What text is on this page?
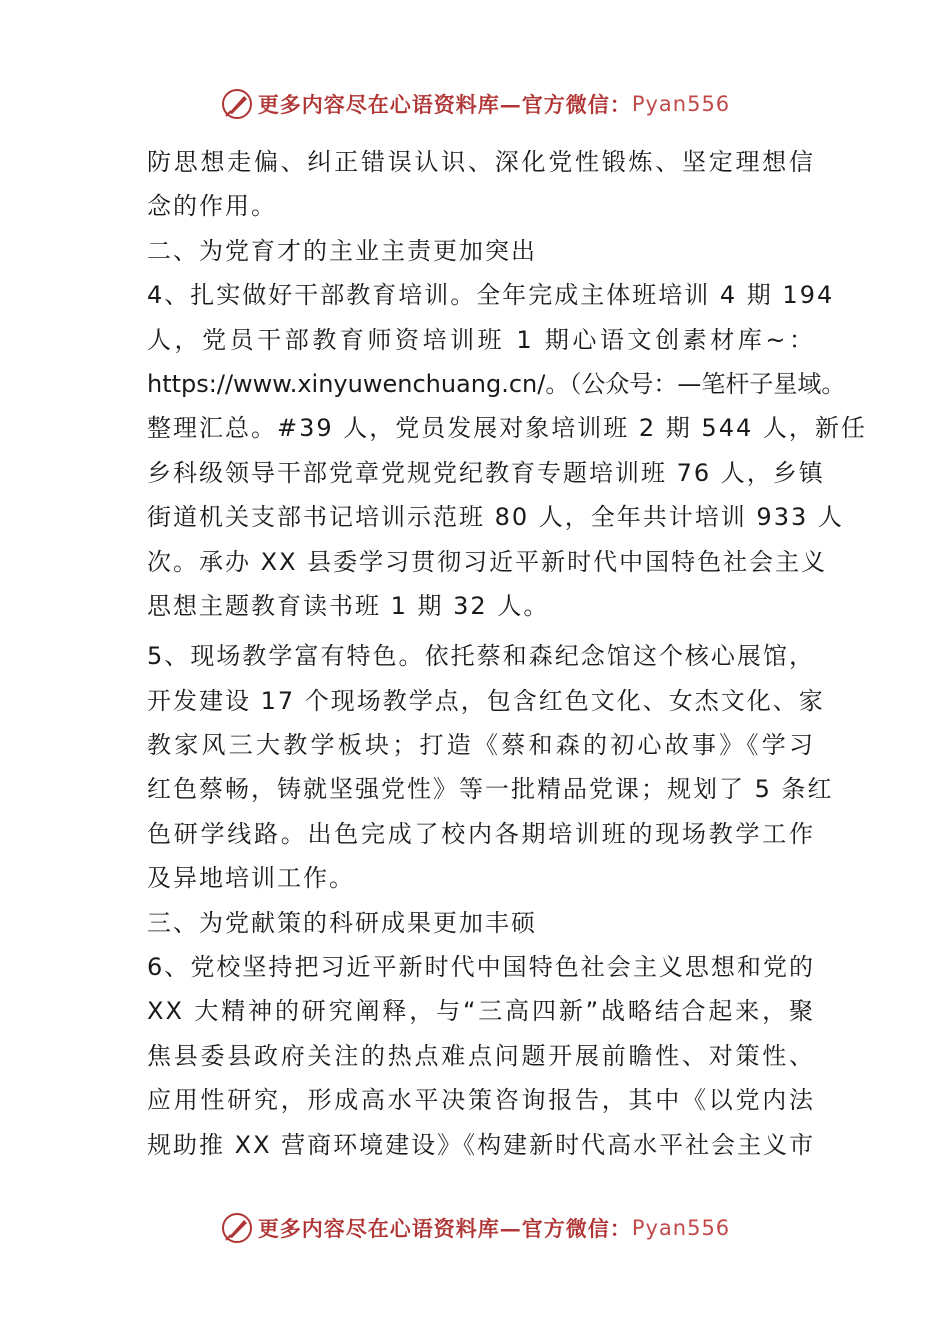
更多内容尽在心语资料库—官方微信： Pyan556
防思想走偏、纠正错误认识、深化党性锻炼、坚定理想信
念的作用。
二、为党育才的主业主责更加突出
4、扎实做好干部教育培训。全年完成主体班培训 4 期 194
人，党员干部教育师资培训班 1 期心语文创素材库~：
https://www.xinyuwenchuang.cn/。（公众号：—笔杆子星域。
整理汇总。#39 人，党员发展对象培训班 2 期 544 人，新任
乡科级领导干部党章党规党纪教育专题培训班 76 人，乡镇
街道机关支部书记培训示范班 80 人，全年共计培训 933 人
次。承办 XX 县委学习贯彻习近平新时代中国特色社会主义
思想主题教育读书班 1 期 32 人。
5、现场教学富有特色。依托蔡和森纪念馆这个核心展馆，
开发建设 17 个现场教学点，包含红色文化、女杰文化、家
教家风三大教学板块；打造《蔡和森的初心故事》《学习
红色蔡畅，铸就坚强党性》等一批精品党课；规划了 5 条红
色研学线路。出色完成了校内各期培训班的现场教学工作
及异地培训工作。
三、为党献策的科研成果更加丰硕
6、党校坚持把习近平新时代中国特色社会主义思想和党的
XX 大精神的研究阐释，与“三高四新”战略结合起来，聚
焦县委县政府关注的热点难点问题开展前瞻性、对策性、
应用性研究，形成高水平决策咨询报告，其中《以党内法
规助推 XX 营商环境建设》《构建新时代高水平社会主义市
更多内容尽在心语资料库—官方微信： Pyan556
